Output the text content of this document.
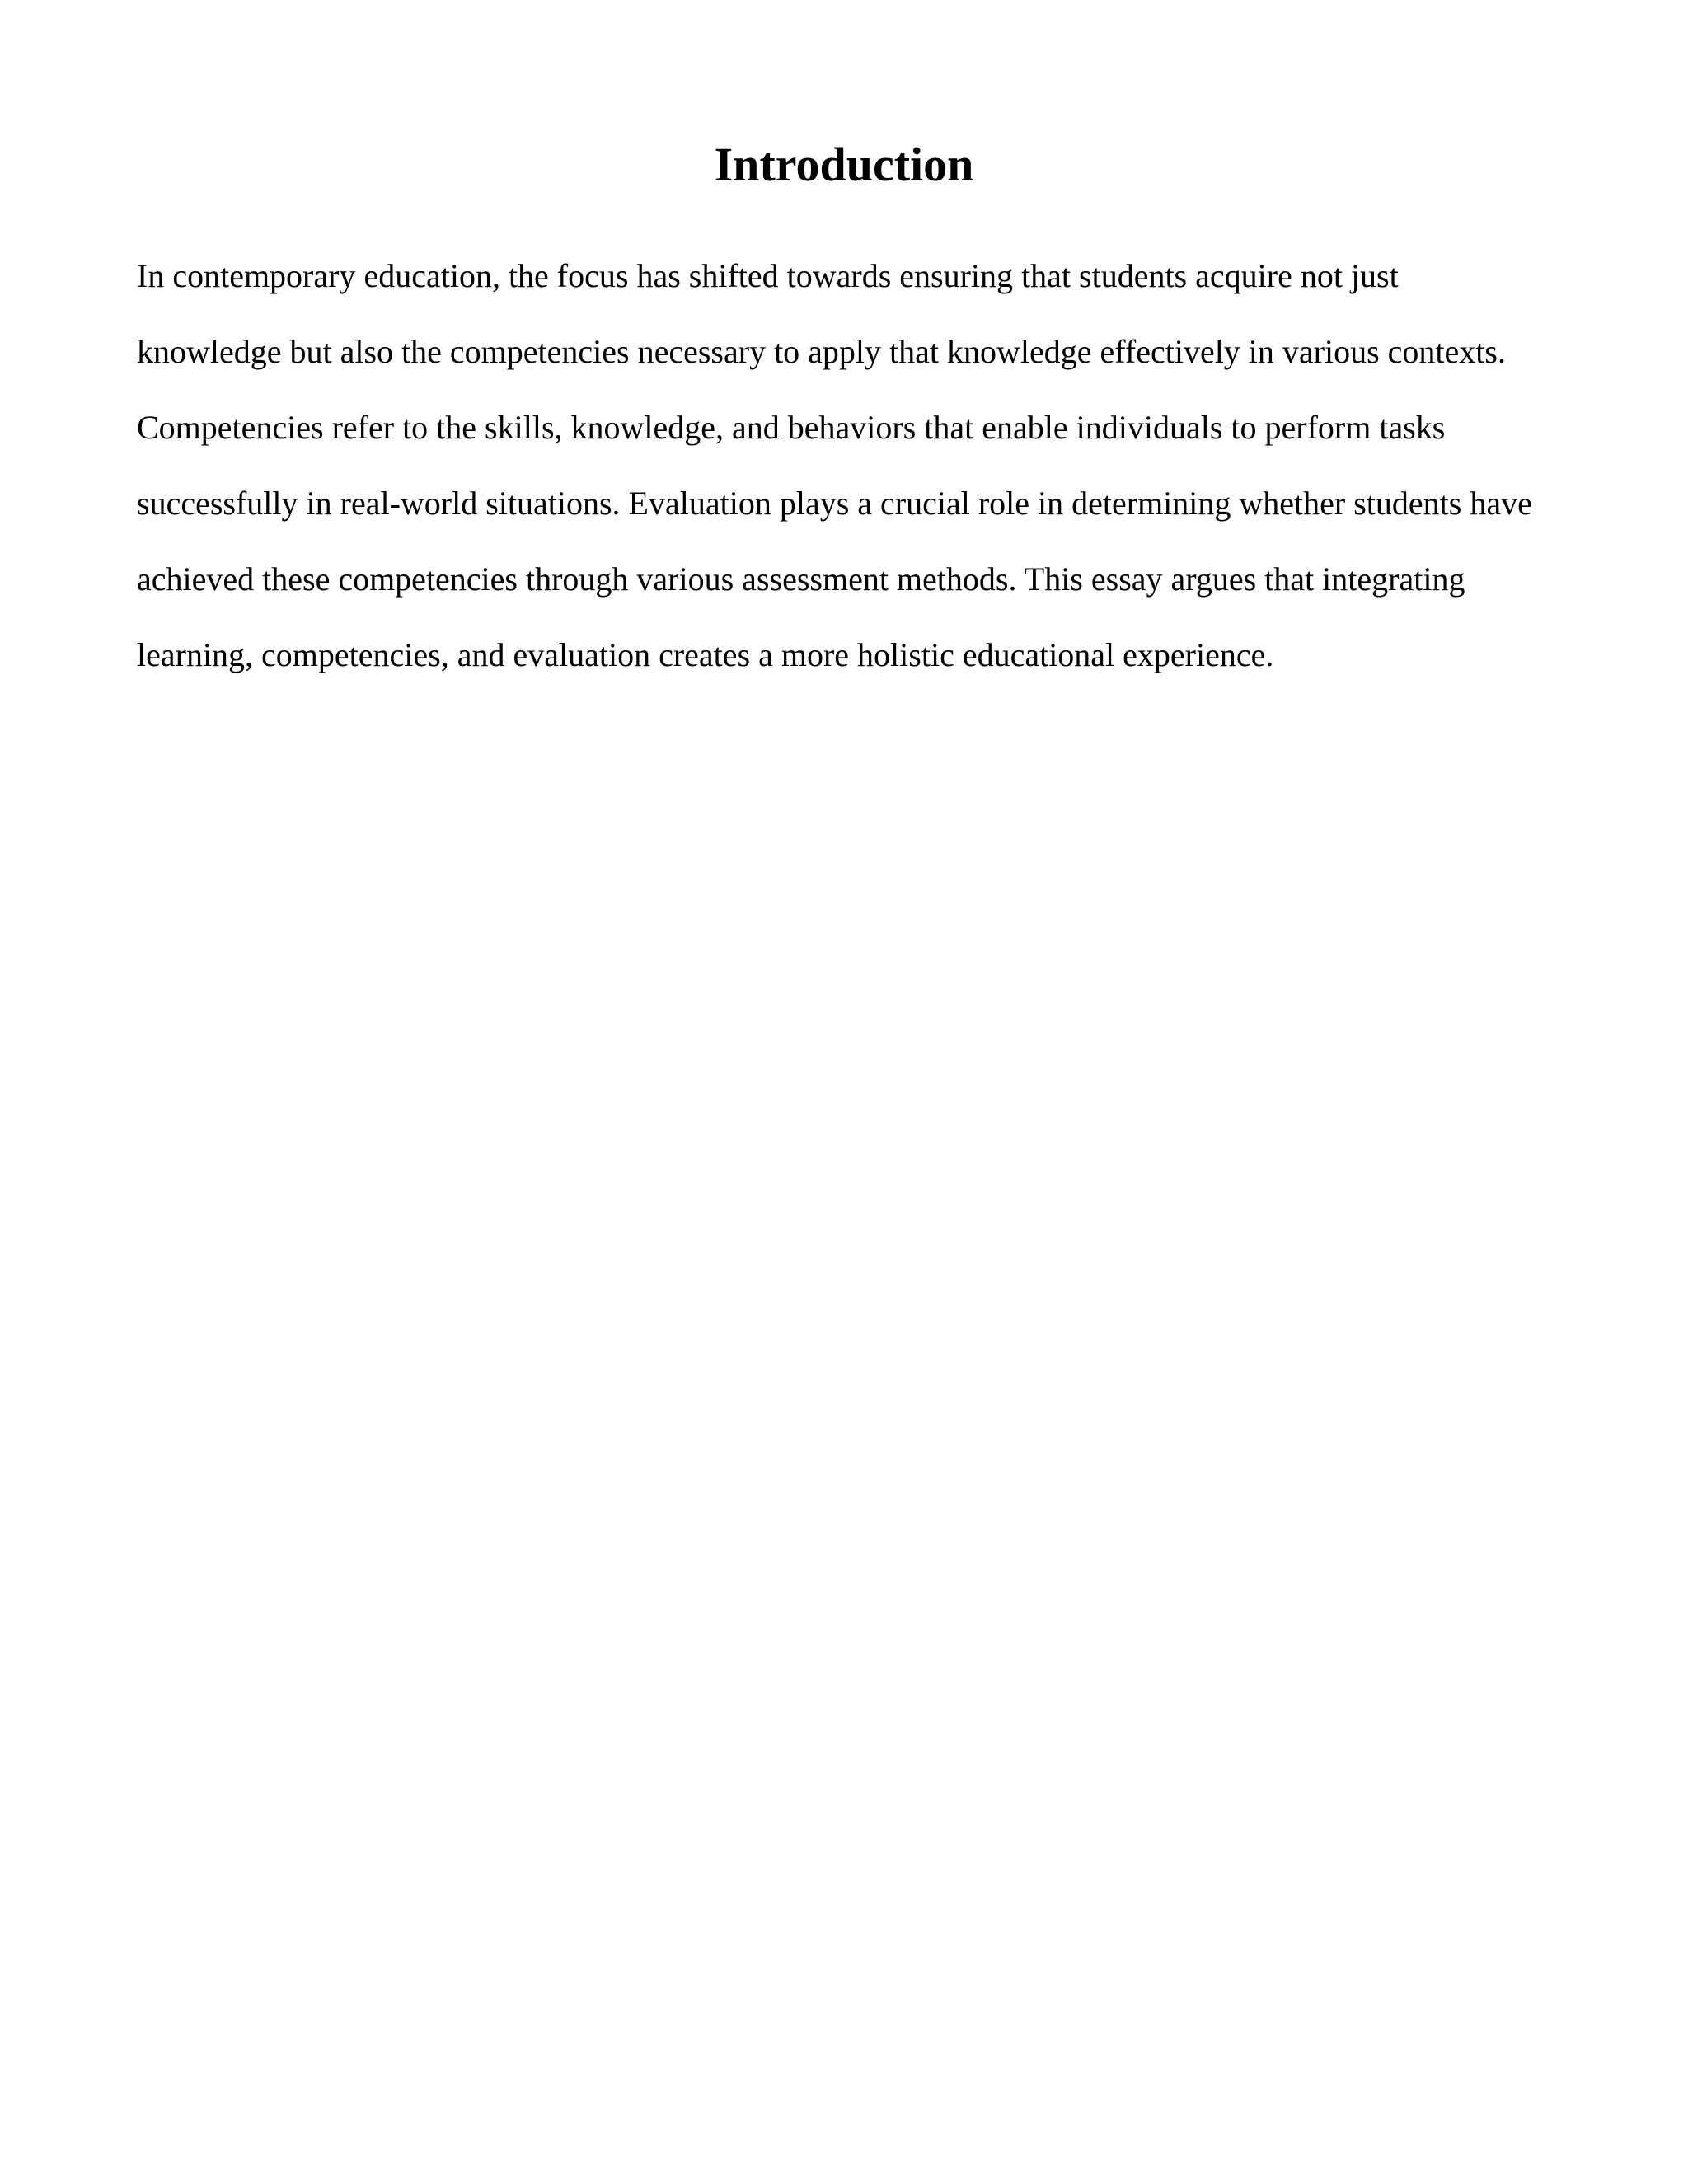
Introduction
In contemporary education, the focus has shifted towards ensuring that students acquire not just
knowledge but also the competencies necessary to apply that knowledge effectively in various contexts.
Competencies refer to the skills, knowledge, and behaviors that enable individuals to perform tasks
successfully in real-world situations. Evaluation plays a crucial role in determining whether students have
achieved these competencies through various assessment methods. This essay argues that integrating
learning, competencies, and evaluation creates a more holistic educational experience.
